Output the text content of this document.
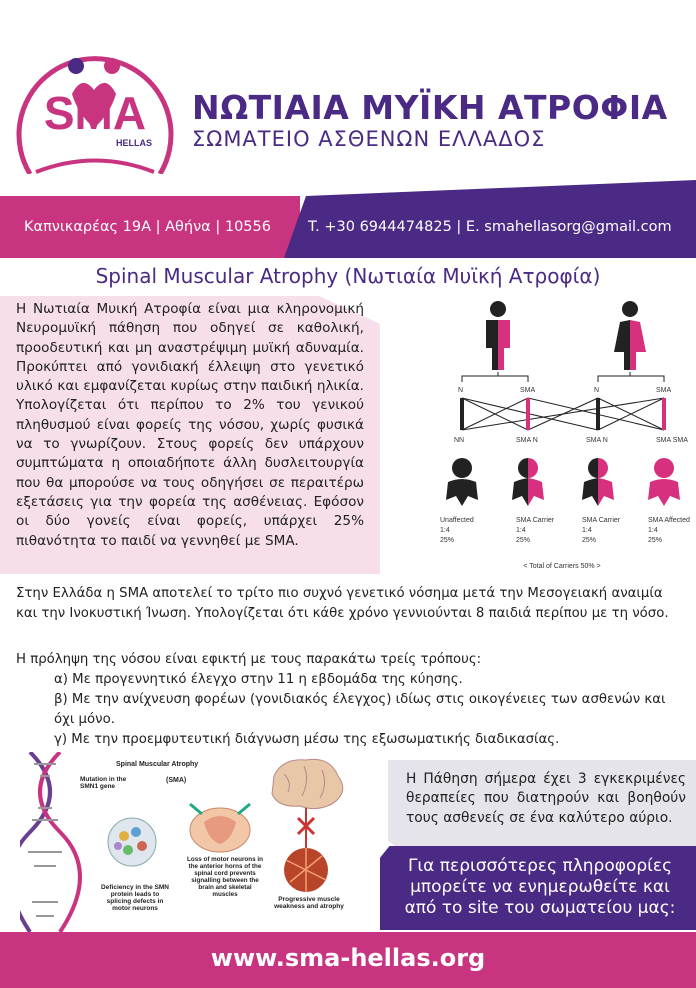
SMA
HELLAS
ΝΩΤΙΑΙΑ ΜΥΪΚΗ ΑΤΡΟΦΙΑ
ΣΩΜΑΤΕΙΟ ΑΣΘΕΝΩΝ ΕΛΛΑΔΟΣ
Καπνικαρέας 19Α | Αθήνα | 10556	T. +30 6944474825 | E. smahellasorg@gmail.com
Spinal Muscular Atrophy (Νωτιαία Μυϊκή Ατροφία)
Η Νωτιαία Μυική Ατροφία είναι μια κληρονομική Νευρομυϊκή πάθηση που οδηγεί σε καθολική, προοδευτική και μη αναστρέψιμη μυϊκή αδυναμία. Προκύπτει από γονιδιακή έλλειψη στο γενετικό υλικό και εμφανίζεται κυρίως στην παιδική ηλικία. Υπολογίζεται ότι περίπου το 2% του γενικού πληθυσμού είναι φορείς της νόσου, χωρίς φυσικά να το γνωρίζουν. Στους φορείς δεν υπάρχουν συμπτώματα η οποιαδήποτε άλλη δυσλειτουργία που θα μπορούσε να τους οδηγήσει σε περαιτέρω εξετάσεις για την φορεία της ασθένειας. Εφόσον οι δύο γονείς είναι φορείς, υπάρχει 25% πιθανότητα το παιδί να γεννηθεί με SMA.
N	SMA	N	SMA
NN	SMA N	SMA N	SMA SMA
Unaffected
1:4
25%
SMA Carrier
1:4
25%
SMA Carrier
1:4
25%
SMA Affected
1:4
25%
< Total of Carriers 50% >
Στην Ελλάδα η SMA αποτελεί το τρίτο πιο συχνό γενετικό νόσημα μετά την Μεσογειακή αναιμία και την Ινοκυστική Ίνωση. Υπολογίζεται ότι κάθε χρόνο γεννιούνται 8 παιδιά περίπου με τη νόσο.
Η πρόληψη της νόσου είναι εφικτή με τους παρακάτω τρείς τρόπους:
α) Με προγεννητικό έλεγχο στην 11 η εβδομάδα της κύησης.
β) Με την ανίχνευση φορέων (γονιδιακός έλεγχος) ιδίως στις οικογένειες των ασθενών και όχι μόνο.
γ) Με την προεμφυτευτική διάγνωση μέσω της εξωσωματικής διαδικασίας.
Spinal Muscular Atrophy
(SMA)
Mutation in the SMN1 gene
Deficiency in the SMN protein leads to splicing defects in motor neurons
Loss of motor neurons in the anterior horns of the spinal cord prevents signalling between the brain and skeletal muscles
Progressive muscle weakness and atrophy
Η Πάθηση σήμερα έχει 3 εγκεκριμένες θεραπείες που διατηρούν και βοηθούν τους ασθενείς σε ένα καλύτερο αύριο.
Για περισσότερες πληροφορίες μπορείτε να ενημερωθείτε και από το site του σωματείου μας:
www.sma-hellas.org
